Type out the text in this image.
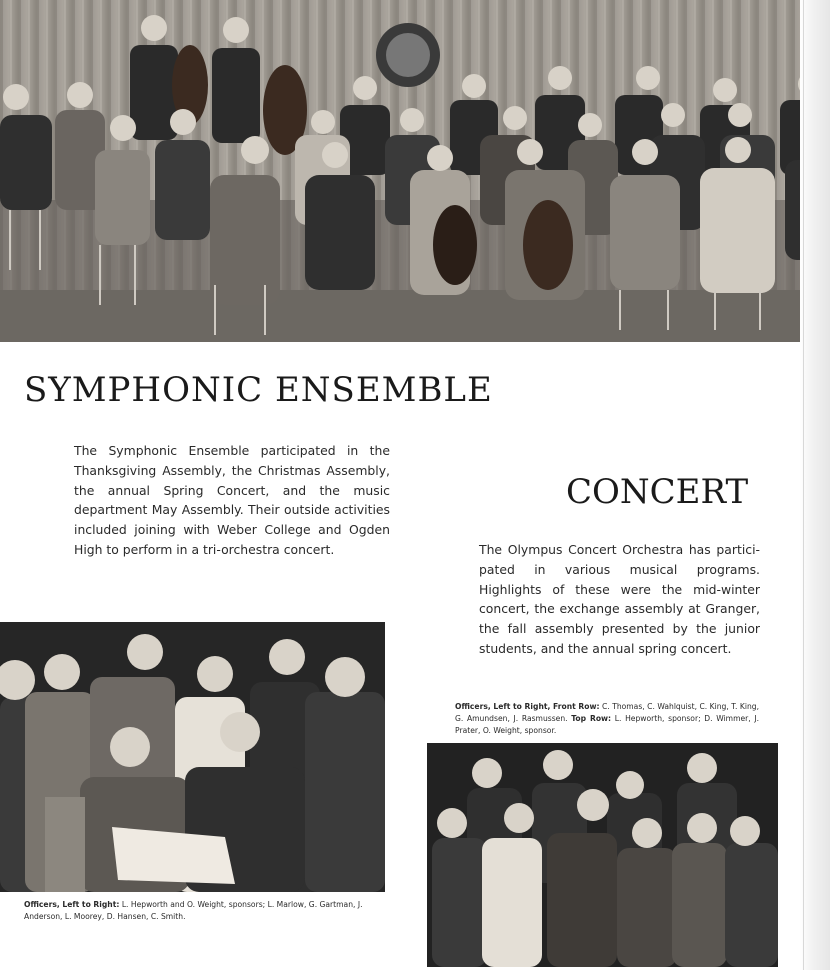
SYMPHONIC ENSEMBLE

The Symphonic Ensemble participated in the Thanksgiving Assembly, the Christmas Assembly, the annual Spring Concert, and the music department May Assembly. Their outside activities included joining with Weber College and Ogden High to perform in a tri-orchestra concert.

CONCERT

The Olympus Concert Orchestra has participated in various musical programs. Highlights of these were the mid-winter concert, the exchange assembly at Granger, the fall assembly presented by the junior students, and the annual spring concert.

Officers, Left to Right: L. Hepworth and O. Weight, sponsors; L. Marlow, G. Gartman, J. Anderson, L. Moorey, D. Hansen, C. Smith.

Officers, Left to Right, Front Row: C. Thomas, C. Wahlquist, C. King, T. King, G. Amundsen, J. Rasmussen. Top Row: L. Hepworth, sponsor; D. Wimmer, J. Prater, O. Weight, sponsor.
